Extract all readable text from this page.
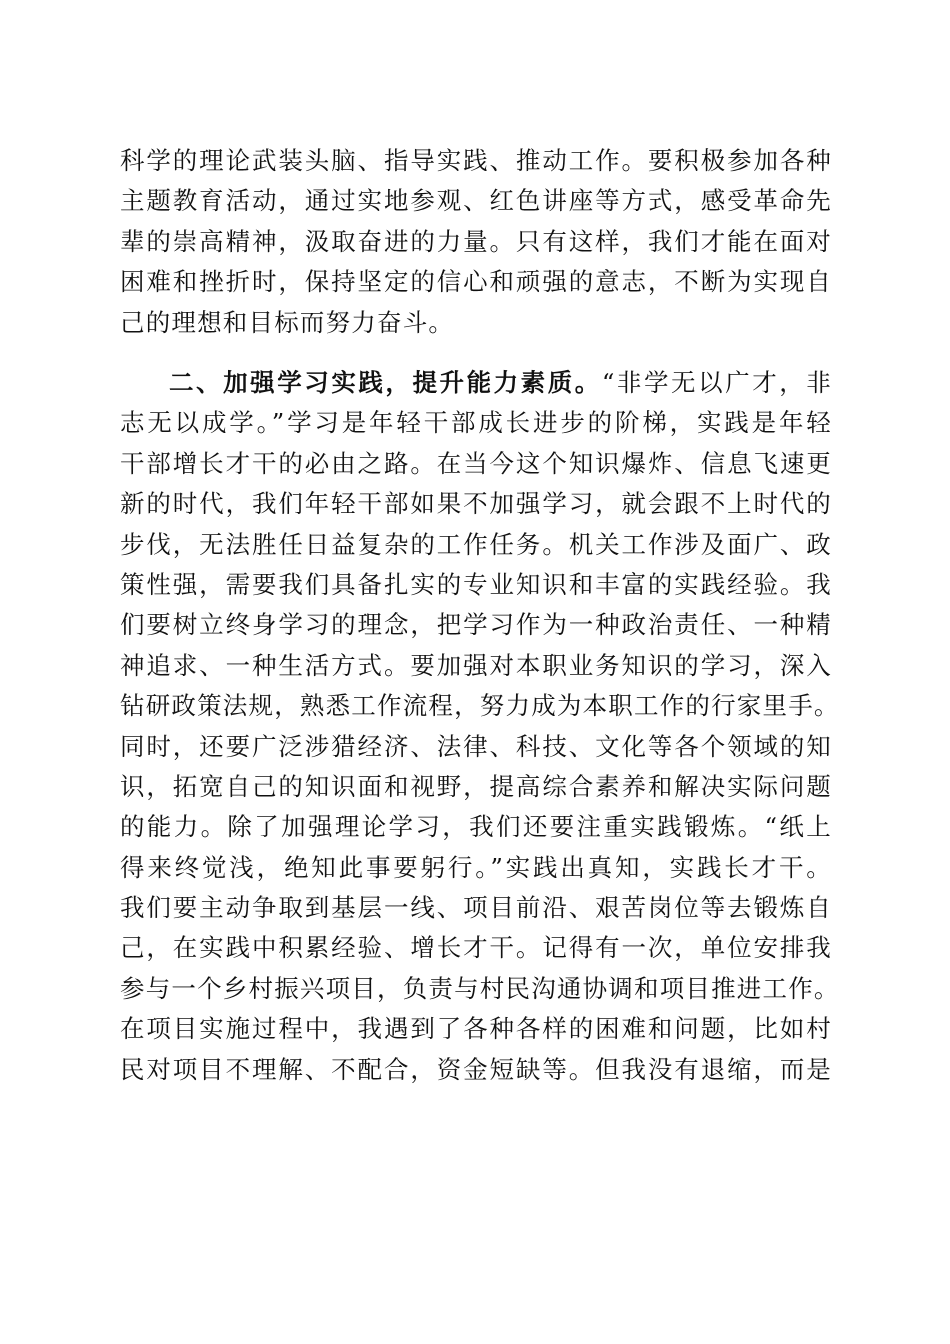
科学的理论武装头脑、指导实践、推动工作。要积极参加各种
主题教育活动，通过实地参观、红色讲座等方式，感受革命先
辈的崇高精神，汲取奋进的力量。只有这样，我们才能在面对
困难和挫折时，保持坚定的信心和顽强的意志，不断为实现自
己的理想和目标而努力奋斗。
二、加强学习实践，提升能力素质。“非学无以广才，非
志无以成学。”学习是年轻干部成长进步的阶梯，实践是年轻
干部增长才干的必由之路。在当今这个知识爆炸、信息飞速更
新的时代，我们年轻干部如果不加强学习，就会跟不上时代的
步伐，无法胜任日益复杂的工作任务。机关工作涉及面广、政
策性强，需要我们具备扎实的专业知识和丰富的实践经验。我
们要树立终身学习的理念，把学习作为一种政治责任、一种精
神追求、一种生活方式。要加强对本职业务知识的学习，深入
钻研政策法规，熟悉工作流程，努力成为本职工作的行家里手。
同时，还要广泛涉猎经济、法律、科技、文化等各个领域的知
识，拓宽自己的知识面和视野，提高综合素养和解决实际问题
的能力。除了加强理论学习，我们还要注重实践锻炼。“纸上
得来终觉浅，绝知此事要躬行。”实践出真知，实践长才干。
我们要主动争取到基层一线、项目前沿、艰苦岗位等去锻炼自
己，在实践中积累经验、增长才干。记得有一次，单位安排我
参与一个乡村振兴项目，负责与村民沟通协调和项目推进工作。
在项目实施过程中，我遇到了各种各样的困难和问题，比如村
民对项目不理解、不配合，资金短缺等。但我没有退缩，而是
